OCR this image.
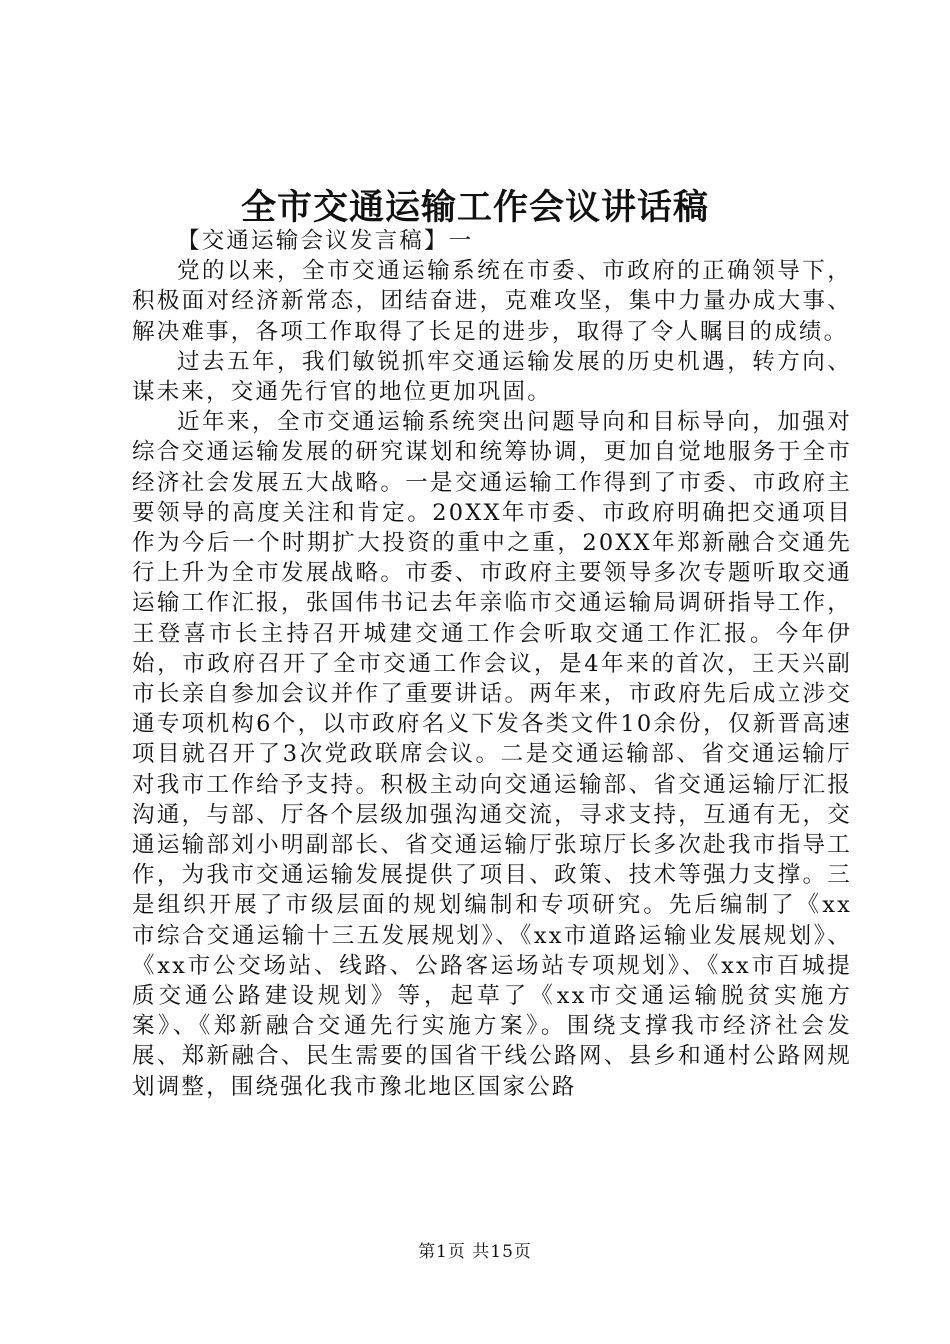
全市交通运输工作会议讲话稿

【交通运输会议发言稿】一

党的以来，全市交通运输系统在市委、市政府的正确领导下，积极面对经济新常态，团结奋进，克难攻坚，集中力量办成大事、解决难事，各项工作取得了长足的进步，取得了令人瞩目的成绩。

过去五年，我们敏锐抓牢交通运输发展的历史机遇，转方向、谋未来，交通先行官的地位更加巩固。

近年来，全市交通运输系统突出问题导向和目标导向，加强对综合交通运输发展的研究谋划和统筹协调，更加自觉地服务于全市经济社会发展五大战略。一是交通运输工作得到了市委、市政府主要领导的高度关注和肯定。20XX年市委、市政府明确把交通项目作为今后一个时期扩大投资的重中之重，20XX年郑新融合交通先行上升为全市发展战略。市委、市政府主要领导多次专题听取交通运输工作汇报，张国伟书记去年亲临市交通运输局调研指导工作，王登喜市长主持召开城建交通工作会听取交通工作汇报。今年伊始，市政府召开了全市交通工作会议，是4年来的首次，王天兴副市长亲自参加会议并作了重要讲话。两年来，市政府先后成立涉交通专项机构6个，以市政府名义下发各类文件10余份，仅新晋高速项目就召开了3次党政联席会议。二是交通运输部、省交通运输厅对我市工作给予支持。积极主动向交通运输部、省交通运输厅汇报沟通，与部、厅各个层级加强沟通交流，寻求支持，互通有无，交通运输部刘小明副部长、省交通运输厅张琼厅长多次赴我市指导工作，为我市交通运输发展提供了项目、政策、技术等强力支撑。三是组织开展了市级层面的规划编制和专项研究。先后编制了《xx市综合交通运输十三五发展规划》、《xx市道路运输业发展规划》、《xx市公交场站、线路、公路客运场站专项规划》、《xx市百城提质交通公路建设规划》等，起草了《xx市交通运输脱贫实施方案》、《郑新融合交通先行实施方案》。围绕支撑我市经济社会发展、郑新融合、民生需要的国省干线公路网、县乡和通村公路网规划调整，围绕强化我市豫北地区国家公路

第1页 共15页
